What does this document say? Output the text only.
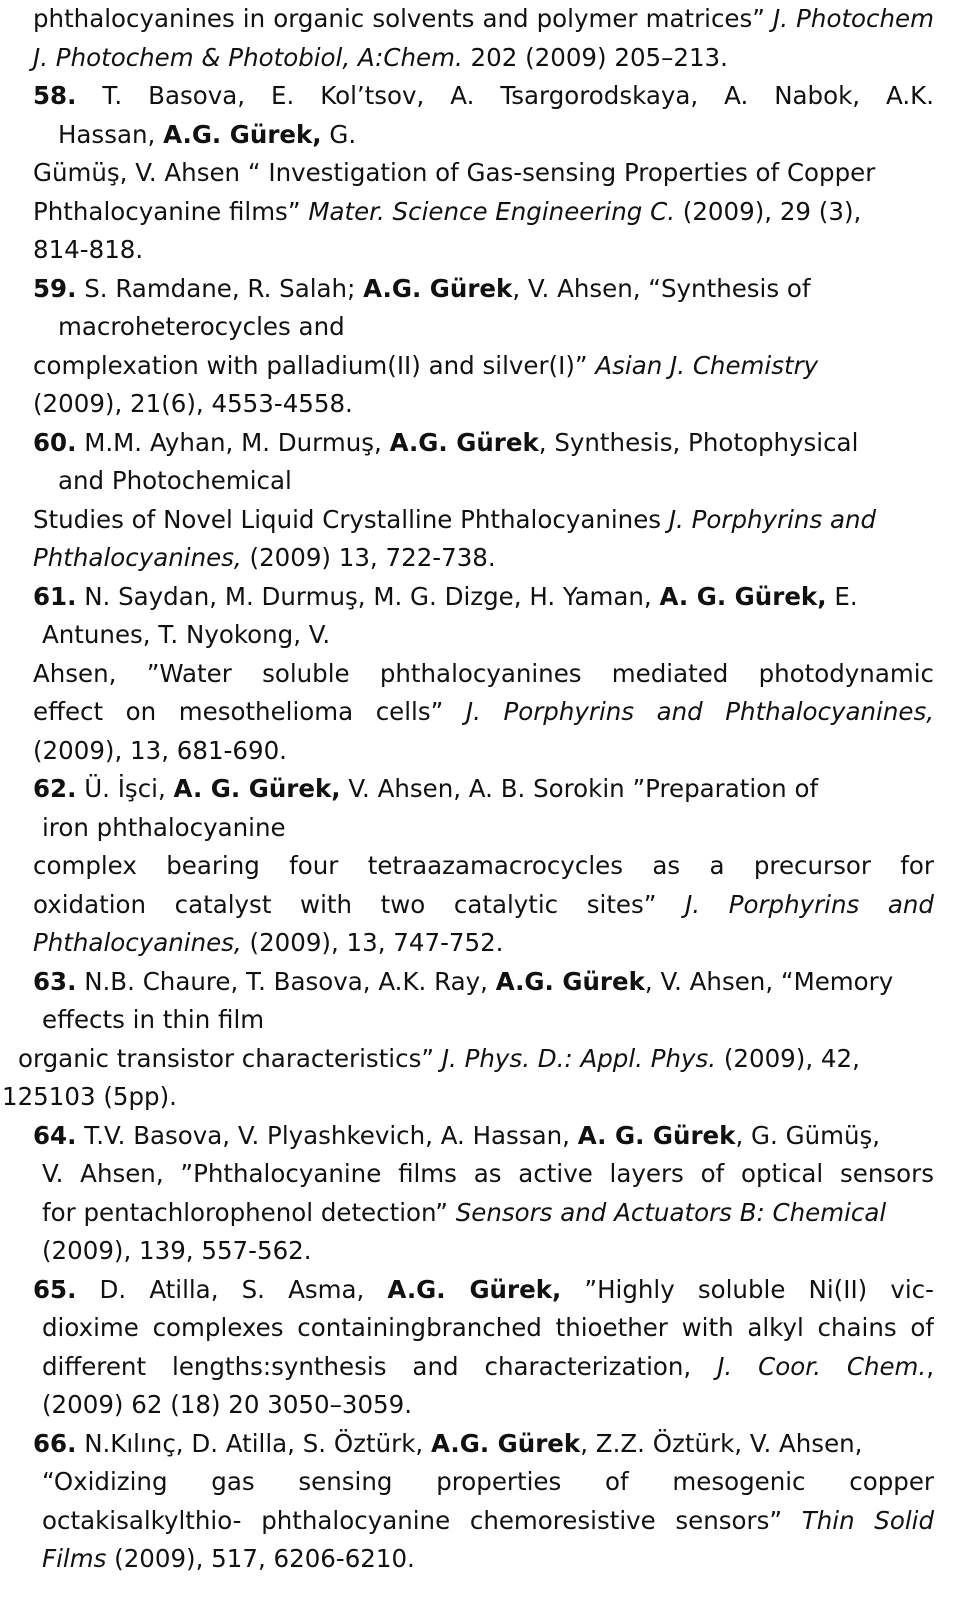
phthalocyanines in organic solvents and polymer matrices” J. Photochem
J. Photochem & Photobiol, A:Chem. 202 (2009) 205–213.
58. T. Basova, E. Kol’tsov, A. Tsargorodskaya, A. Nabok, A.K.
Hassan, A.G. Gürek, G.
Gümüş, V. Ahsen “ Investigation of Gas-sensing Properties of Copper
Phthalocyanine films” Mater. Science Engineering C. (2009), 29 (3),
814-818.
59. S. Ramdane, R. Salah; A.G. Gürek, V. Ahsen, “Synthesis of
macroheterocycles and
complexation with palladium(II) and silver(I)” Asian J. Chemistry
(2009), 21(6), 4553-4558.
60. M.M. Ayhan, M. Durmuş, A.G. Gürek, Synthesis, Photophysical
and Photochemical
Studies of Novel Liquid Crystalline Phthalocyanines J. Porphyrins and
Phthalocyanines, (2009) 13, 722-738.
61. N. Saydan, M. Durmuş, M. G. Dizge, H. Yaman, A. G. Gürek, E.
Antunes, T. Nyokong, V.
Ahsen, ”Water soluble phthalocyanines mediated photodynamic
effect on mesothelioma cells” J. Porphyrins and Phthalocyanines,
(2009), 13, 681-690.
62. Ü. İşci, A. G. Gürek, V. Ahsen, A. B. Sorokin ”Preparation of
iron phthalocyanine
complex bearing four tetraazamacrocycles as a precursor for
oxidation catalyst with two catalytic sites” J. Porphyrins and
Phthalocyanines, (2009), 13, 747-752.
63. N.B. Chaure, T. Basova, A.K. Ray, A.G. Gürek, V. Ahsen, “Memory
effects in thin film
organic transistor characteristics” J. Phys. D.: Appl. Phys. (2009), 42,
125103 (5pp).
64. T.V. Basova, V. Plyashkevich, A. Hassan, A. G. Gürek, G. Gümüş,
V. Ahsen, ”Phthalocyanine films as active layers of optical sensors
for pentachlorophenol detection” Sensors and Actuators B: Chemical
(2009), 139, 557-562.
65. D. Atilla, S. Asma, A.G. Gürek, ”Highly soluble Ni(II) vic-
dioxime complexes containingbranched thioether with alkyl chains of
different lengths:synthesis and characterization, J. Coor. Chem.,
(2009) 62 (18) 20 3050–3059.
66. N.Kılınç, D. Atilla, S. Öztürk, A.G. Gürek, Z.Z. Öztürk, V. Ahsen,
“Oxidizing gas sensing properties of mesogenic copper
octakisalkylthio- phthalocyanine chemoresistive sensors” Thin Solid
Films (2009), 517, 6206-6210.
